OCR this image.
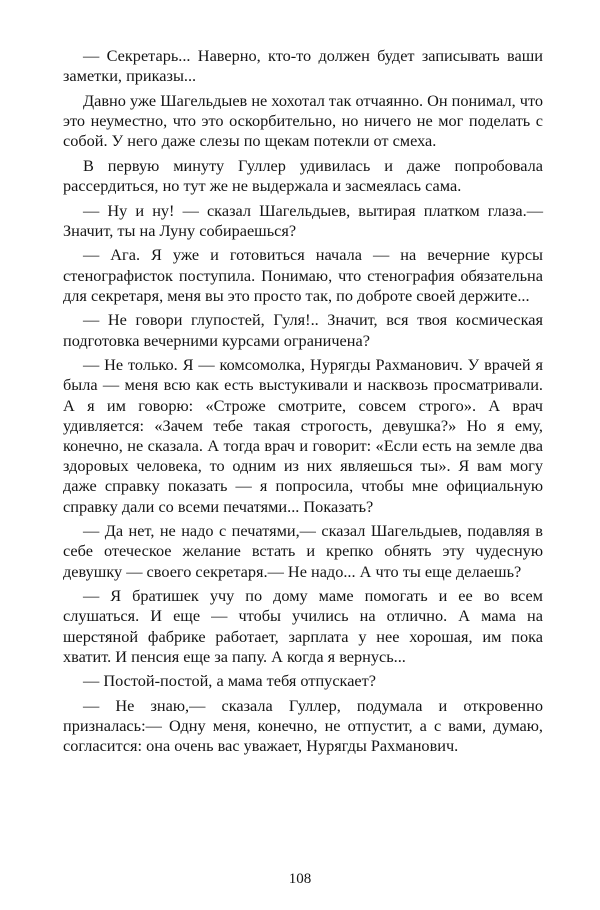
— Секретарь... Наверно, кто-то должен будет записывать ваши заметки, приказы...

Давно уже Шагельдыев не хохотал так отчаянно. Он понимал, что это неуместно, что это оскорбительно, но ничего не мог поделать с собой. У него даже слезы по щекам потекли от смеха.

В первую минуту Гуллер удивилась и даже попробовала рассердиться, но тут же не выдержала и засмеялась сама.

— Ну и ну! — сказал Шагельдыев, вытирая платком глаза.— Значит, ты на Луну собираешься?

— Ага. Я уже и готовиться начала — на вечерние курсы стенографисток поступила. Понимаю, что стенография обязательна для секретаря, меня вы это просто так, по доброте своей держите...

— Не говори глупостей, Гуля!.. Значит, вся твоя космическая подготовка вечерними курсами ограничена?

— Не только. Я — комсомолка, Нурягды Рахманович. У врачей я была — меня всю как есть выстукивали и насквозь просматривали. А я им говорю: «Строже смотрите, совсем строго». А врач удивляется: «Зачем тебе такая строгость, девушка?» Но я ему, конечно, не сказала. А тогда врач и говорит: «Если есть на земле два здоровых человека, то одним из них являешься ты». Я вам могу даже справку показать — я попросила, чтобы мне официальную справку дали со всеми печатями... Показать?

— Да нет, не надо с печатями,— сказал Шагельдыев, подавляя в себе отеческое желание встать и крепко обнять эту чудесную девушку — своего секретаря.— Не надо... А что ты еще делаешь?

— Я братишек учу по дому маме помогать и ее во всем слушаться. И еще — чтобы учились на отлично. А мама на шерстяной фабрике работает, зарплата у нее хорошая, им пока хватит. И пенсия еще за папу. А когда я вернусь...

— Постой-постой, а мама тебя отпускает?

— Не знаю,— сказала Гуллер, подумала и откровенно призналась:— Одну меня, конечно, не отпустит, а с вами, думаю, согласится: она очень вас уважает, Нурягды Рахманович.

108
